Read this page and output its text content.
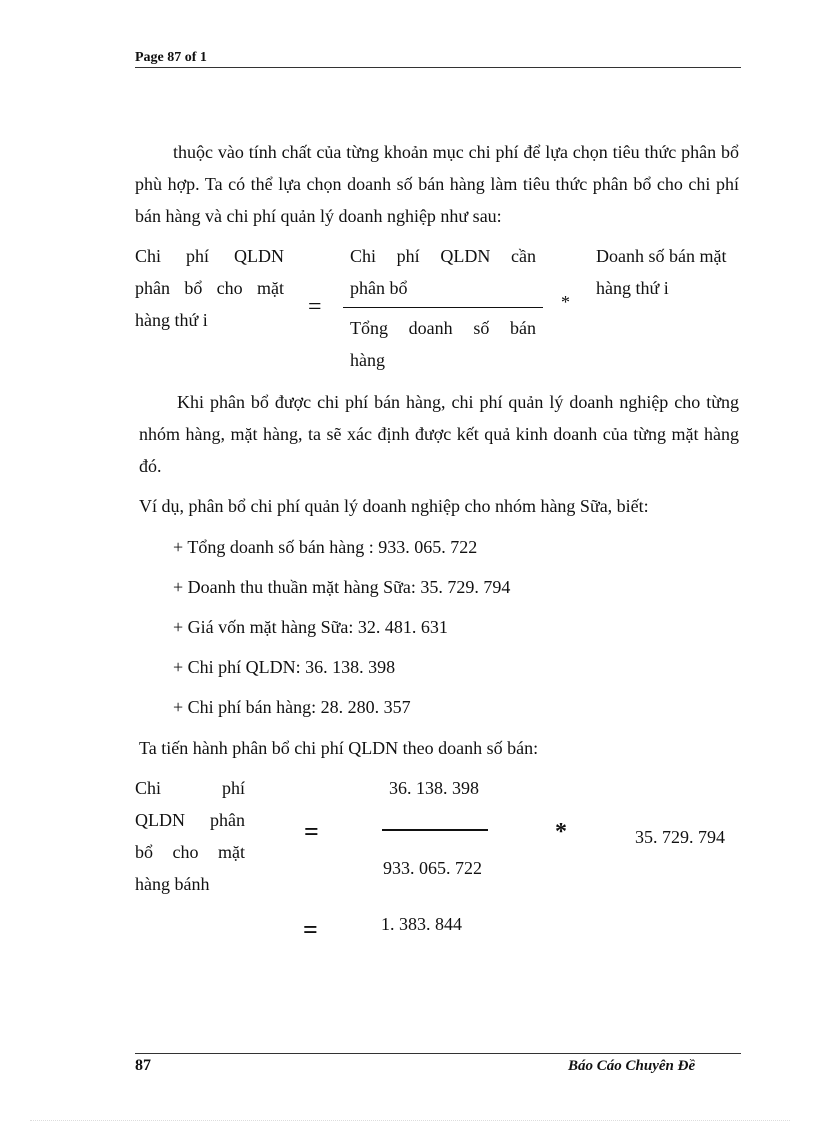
Page 87 of 1
thuộc vào tính chất của từng khoản mục chi phí để lựa chọn tiêu thức phân bổ phù hợp. Ta có thể lựa chọn doanh số bán hàng làm tiêu thức phân bổ cho chi phí bán hàng và chi phí quản lý doanh nghiệp như sau:
Chi phí QLDN
phân bổ cho mặt
hàng thứ i	=
Chi phí QLDN cần
phân bổ
Tổng doanh số bán
hàng
*
Doanh số bán mặt
hàng thứ i
Khi phân bổ được chi phí bán hàng, chi phí quản lý doanh nghiệp cho từng nhóm hàng, mặt hàng, ta sẽ xác định được kết quả kinh doanh của từng mặt hàng đó.
Ví dụ, phân bổ chi phí quản lý doanh nghiệp cho nhóm hàng Sữa, biết:
+ Tổng doanh số bán hàng : 933. 065. 722
+ Doanh thu thuần mặt hàng Sữa: 35. 729. 794
+ Giá vốn mặt hàng Sữa: 32. 481. 631
+ Chi phí QLDN: 36. 138. 398
+ Chi phí bán hàng: 28. 280. 357
Ta tiến hành phân bổ chi phí QLDN theo doanh số bán:
Chi phí
QLDN phân
bổ cho mặt
hàng bánh
36. 138. 398
=	*	35. 729. 794
933. 065. 722
=	1. 383. 844
87	Báo Cáo Chuyên Đề
